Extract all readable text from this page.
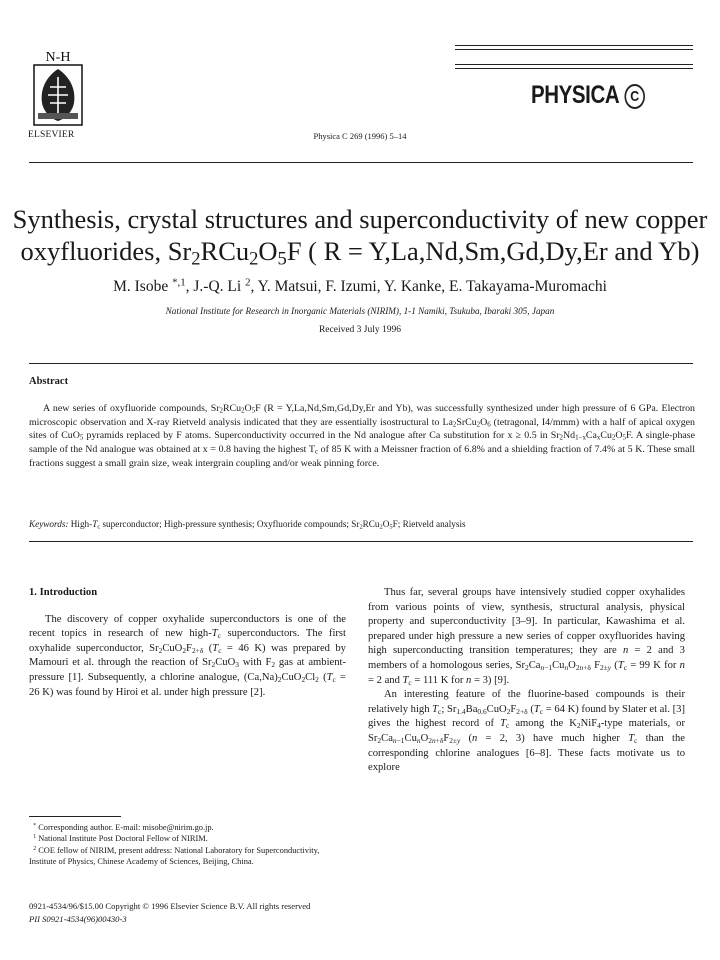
N-H
ELSEVIER	Physica C 269 (1996) 5–14
PHYSICA C
Synthesis, crystal structures and superconductivity of new copper
oxyfluorides, $Sr_2RCu_2O_5F$ ( R = Y,La,Nd,Sm,Gd,Dy,Er and Yb)
M. Isobe $^{*,1}$, J.-Q. Li $^2$, Y. Matsui, F. Izumi, Y. Kanke, E. Takayama-Muromachi
National Institute for Research in Inorganic Materials (NIRIM), 1-1 Namiki, Tsukuba, Ibaraki 305, Japan
Received 3 July 1996
Abstract
A new series of oxyfluoride compounds, $Sr_2RCu_2O_5F$ (R = Y,La,Nd,Sm,Gd,Dy,Er and Yb), was successfully synthesized under high pressure of 6 GPa. Electron microscopic observation and X-ray Rietveld analysis indicated that they are essentially isostructural to $La_2SrCu_2O_6$ (tetragonal, I4/mmm) with a half of apical oxygen sites of CuO$_5$ pyramids replaced by F atoms. Superconductivity occurred in the Nd analogue after Ca substitution for x ≥ 0.5 in $Sr_2Nd_{1-x}Ca_xCu_2O_5F$. A single-phase sample of the Nd analogue was obtained at x = 0.8 having the highest $T_c$ of 85 K with a Meissner fraction of 6.8% and a shielding fraction of 7.4% at 5 K. These small fractions suggest a small grain size, weak intergrain coupling and/or weak pinning force.
Keywords: High-$T_c$ superconductor; High-pressure synthesis; Oxyfluoride compounds; $Sr_2RCu_2O_5F$; Rietveld analysis

1. Introduction

The discovery of copper oxyhalide superconductors is one of the recent topics in research of new high-$T_c$ superconductors. The first oxyhalide superconductor, $Sr_2CuO_2F_{2+\delta}$ ($T_c = 46$ K) was prepared by Mamouri et al. through the reaction of $Sr_2CuO_3$ with $F_2$ gas at ambient-pressure [1]. Subsequently, a chlorine analogue, $(Ca,Na)_2CuO_2Cl_2$ ($T_c = 26$ K) was found by Hiroi et al. under high pressure [2].

* Corresponding author. E-mail: misobe@nirim.go.jp.
$^1$ National Institute Post Doctoral Fellow of NIRIM.
$^2$ COE fellow of NIRIM, present address: National Laboratory for Superconductivity, Institute of Physics, Chinese Academy of Sciences, Beijing, China.

Thus far, several groups have intensively studied copper oxyhalides from various points of view, synthesis, structural analysis, physical property and superconductivity [3–9]. In particular, Kawashima et al. prepared under high pressure a new series of copper oxyfluorides having high superconducting transition temperatures; they are n = 2 and 3 members of a homologous series, $Sr_2Ca_{n-1}Cu_nO_{2n+\delta}$ $F_{2\pm y}$ ($T_c = 99$ K for n = 2 and $T_c = 111$ K for n = 3) [9].

An interesting feature of the fluorine-based compounds is their relatively high $T_c$; $Sr_{1.4}Ba_{0.6}CuO_2F_{2+\delta}$ ($T_c = 64$ K) found by Slater et al. [3] gives the highest record of $T_c$ among the $K_2NiF_4$-type materials, or $Sr_2Ca_{n-1}Cu_nO_{2n+\delta}F_{2\pm y}$ (n = 2, 3) have much higher $T_c$ than the corresponding chlorine analogues [6–8]. These facts motivate us to explore

0921-4534/96/$15.00 Copyright © 1996 Elsevier Science B.V. All rights reserved
PII S0921-4534(96)00430-3
